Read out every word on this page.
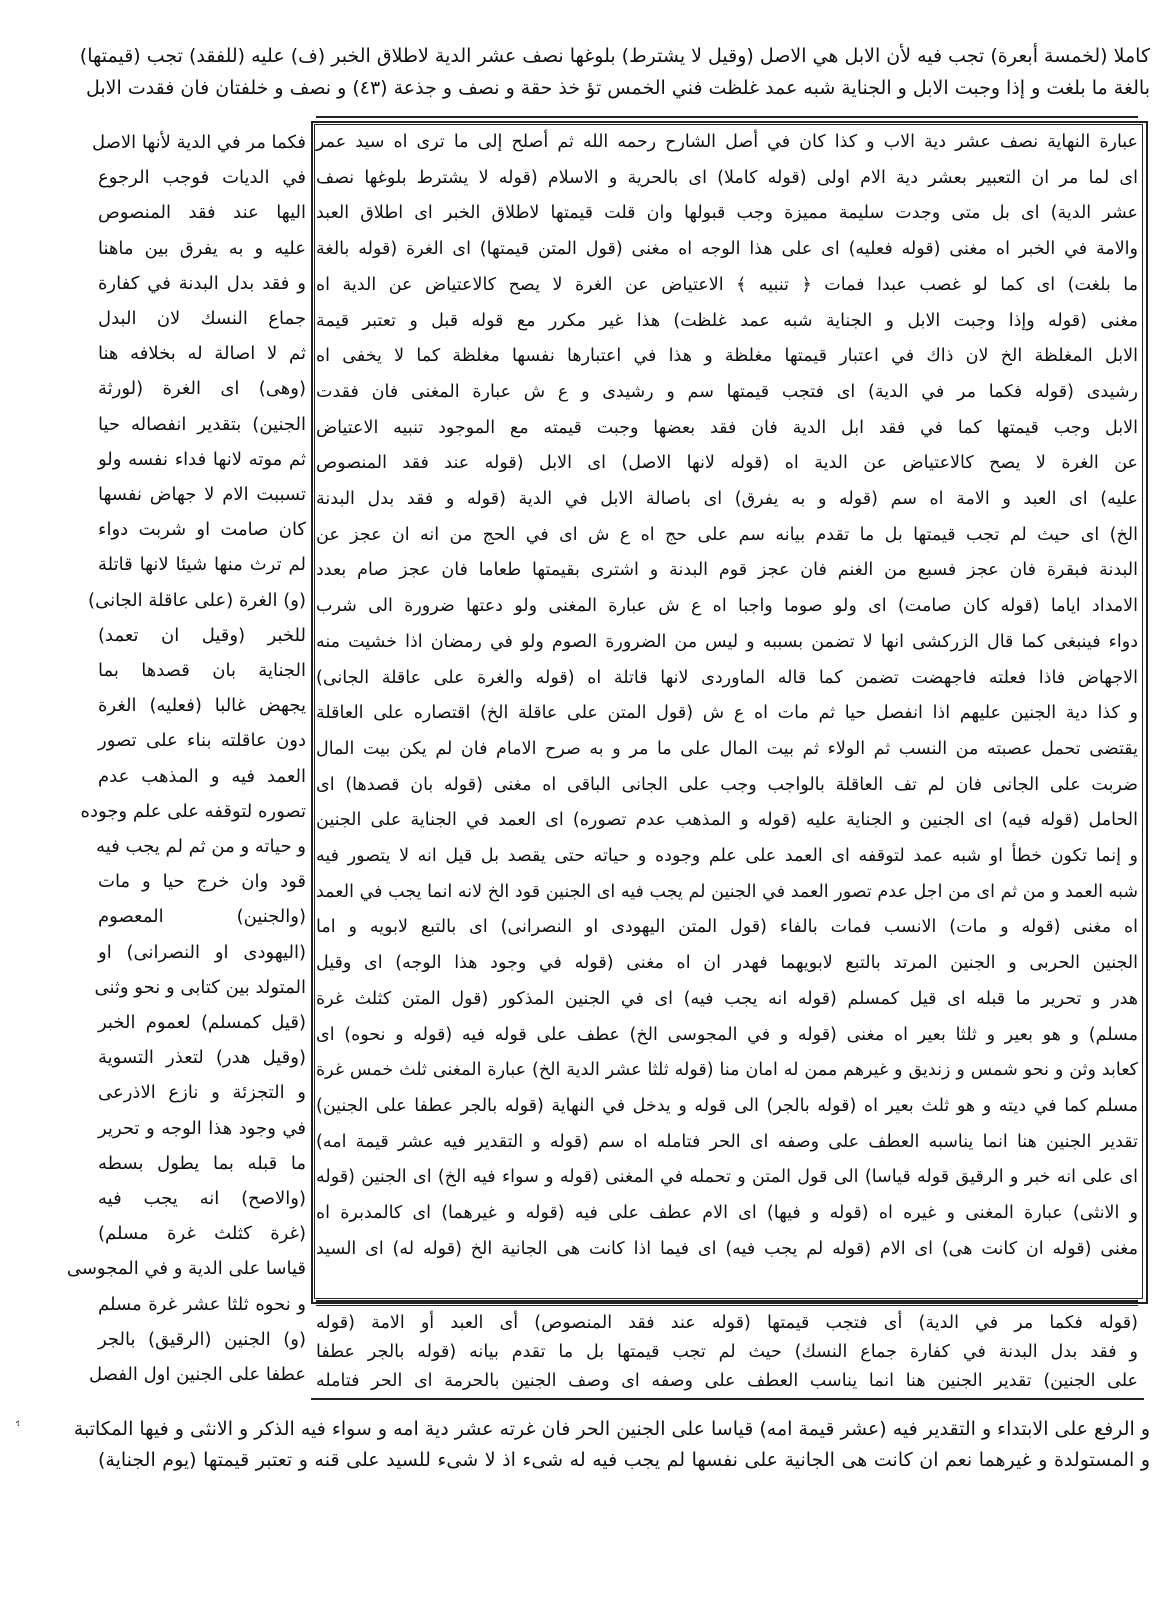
كاملا (لخمسة أبعرة) تجب فيه لأن الابل هي الاصل (وقيل لا يشترط) بلوغها نصف عشر الدية لاطلاق الخبر (ف) عليه (للفقد) تجب (قيمتها)
بالغة ما بلغت و إذا وجبت الابل و الجناية شبه عمد غلظت فني الخمس تؤ خذ حقة و نصف و جذعة (٤٣) و نصف و خلفتان فان فقدت الابل
عبارة النهاية نصف عشر دية الاب و كذا كان في أصل الشارح رحمه الله ثم أصلح إلى ما ترى اه سيد عمر
اى لما مر ان التعبير بعشر دية الام اولى (قوله كاملا) اى بالحرية و الاسلام (قوله لا يشترط بلوغها نصف
عشر الدية) اى بل متى وجدت سليمة مميزة وجب قبولها وان قلت قيمتها لاطلاق الخبر اى اطلاق العبد
والامة في الخبر اه مغنى (قوله فعليه) اى على هذا الوجه اه مغنى (قول المتن قيمتها) اى الغرة (قوله بالغة
ما بلغت) اى كما لو غصب عبدا فمات ﴿ تنبيه ﴾ الاعتياض عن الغرة لا يصح كالاعتياض عن الدية اه
مغنى (قوله وإذا وجبت الابل و الجناية شبه عمد غلظت) هذا غير مكرر مع قوله قبل و تعتبر قيمة
الابل المغلظة الخ لان ذاك في اعتبار قيمتها مغلظة و هذا في اعتبارها نفسها مغلظة كما لا يخفى اه
رشيدى (قوله فكما مر في الدية) اى فتجب قيمتها سم و رشيدى و ع ش عبارة المغنى فان فقدت
الابل وجب قيمتها كما في فقد ابل الدية فان فقد بعضها وجبت قيمته مع الموجود تنبيه الاعتياض
عن الغرة لا يصح كالاعتياض عن الدية اه (قوله لانها الاصل) اى الابل (قوله عند فقد المنصوص
عليه) اى العبد و الامة اه سم (قوله و به يفرق) اى باصالة الابل في الدية (قوله و فقد بدل البدنة
الخ) اى حيث لم تجب قيمتها بل ما تقدم بيانه سم على حج اه ع ش اى في الحج من انه ان عجز عن
البدنة فبقرة فان عجز فسبع من الغنم فان عجز قوم البدنة و اشترى بقيمتها طعاما فان عجز صام بعدد
الامداد اياما (قوله كان صامت) اى ولو صوما واجبا اه ع ش عبارة المغنى ولو دعتها ضرورة الى شرب
دواء فينبغى كما قال الزركشى انها لا تضمن بسببه و ليس من الضرورة الصوم ولو في رمضان اذا خشيت منه
الاجهاض فاذا فعلته فاجهضت تضمن كما قاله الماوردى لانها قاتلة اه (قوله والغرة على عاقلة الجانى)
و كذا دية الجنين عليهم اذا انفصل حيا ثم مات اه ع ش (قول المتن على عاقلة الخ) اقتصاره على العاقلة
يقتضى تحمل عصبته من النسب ثم الولاء ثم بيت المال على ما مر و به صرح الامام فان لم يكن بيت المال
ضربت على الجانى فان لم تف العاقلة بالواجب وجب على الجانى الباقى اه مغنى (قوله بان قصدها) اى
الحامل (قوله فيه) اى الجنين و الجناية عليه (قوله و المذهب عدم تصوره) اى العمد في الجناية على الجنين
و إنما تكون خطأ او شبه عمد لتوقفه اى العمد على علم وجوده و حياته حتى يقصد بل قيل انه لا يتصور فيه
شبه العمد و من ثم اى من اجل عدم تصور العمد في الجنين لم يجب فيه اى الجنين قود الخ لانه انما يجب في العمد
اه مغنى (قوله و مات) الانسب فمات بالفاء (قول المتن اليهودى او النصرانى) اى بالتبع لابويه و اما
الجنين الحربى و الجنين المرتد بالتبع لابويهما فهدر ان اه مغنى (قوله في وجود هذا الوجه) اى وقيل
هدر و تحرير ما قبله اى قيل كمسلم (قوله انه يجب فيه) اى في الجنين المذكور (قول المتن كثلث غرة
مسلم) و هو بعير و ثلثا بعير اه مغنى (قوله و في المجوسى الخ) عطف على قوله فيه (قوله و نحوه) اى
كعابد وثن و نحو شمس و زنديق و غيرهم ممن له امان منا (قوله ثلثا عشر الدية الخ) عبارة المغنى ثلث خمس غرة
مسلم كما في ديته و هو ثلث بعير اه (قوله بالجر) الى قوله و يدخل في النهاية (قوله بالجر عطفا على الجنين)
تقدير الجنين هنا انما يناسبه العطف على وصفه اى الحر فتامله اه سم (قوله و التقدير فيه عشر قيمة امه)
اى على انه خبر و الرقيق قوله قياسا) الى قول المتن و تحمله في المغنى (قوله و سواء فيه الخ) اى الجنين (قوله
و الانثى) عبارة المغنى و غيره اه (قوله و فيها) اى الام عطف على فيه (قوله و غيرهما) اى كالمدبرة اه
مغنى (قوله ان كانت هى) اى الام (قوله لم يجب فيه) اى فيما اذا كانت هى الجانية الخ (قوله له) اى السيد
(قوله فكما مر في الدية) أى فتجب قيمتها (قوله عند فقد المنصوص) أى العبد أو الامة (قوله
و فقد بدل البدنة في كفارة جماع النسك) حيث لم تجب قيمتها بل ما تقدم بيانه (قوله بالجر عطفا
على الجنين) تقدير الجنين هنا انما يناسب العطف على وصفه اى وصف الجنين بالحرمة اى الحر فتامله
فكما مر في الدية لأنها الاصل
في الديات فوجب الرجوع
اليها عند فقد المنصوص
عليه و به يفرق بين ماهنا
و فقد بدل البدنة في كفارة
جماع النسك لان البدل
ثم لا اصالة له بخلافه هنا
(وهى) اى الغرة (لورثة
الجنين) بتقدير انفصاله حيا
ثم موته لانها فداء نفسه ولو
تسببت الام لا جهاض نفسها
كان صامت او شربت دواء
لم ترث منها شيئا لانها قاتلة
(و) الغرة (على عاقلة الجانى)
للخبر (وقيل ان تعمد)
الجناية بان قصدها بما
يجهض غالبا (فعليه) الغرة
دون عاقلته بناء على تصور
العمد فيه و المذهب عدم
تصوره لتوقفه على علم وجوده
و حياته و من ثم لم يجب فيه
قود وان خرج حيا و مات
(والجنين) المعصوم
(اليهودى او النصرانى) او
المتولد بين كتابى و نحو وثنى
(قيل كمسلم) لعموم الخبر
(وقيل هدر) لتعذر التسوية
و التجزئة و نازع الاذرعى
في وجود هذا الوجه و تحرير
ما قبله بما يطول بسطه
(والاصح) انه يجب فيه
(غرة كثلث غرة مسلم)
قياسا على الدية و في المجوسى
و نحوه ثلثا عشر غرة مسلم
(و) الجنين (الرقيق) بالجر
عطفا على الجنين اول الفصل
و الرفع على الابتداء و التقدير فيه (عشر قيمة امه) قياسا على الجنين الحر فان غرته عشر دية امه و سواء فيه الذكر و الانثى و فيها المكاتبة
و المستولدة و غيرهما نعم ان كانت هى الجانية على نفسها لم يجب فيه له شىء اذ لا شىء للسيد على قنه و تعتبر قيمتها (يوم الجناية)
ﮨ
